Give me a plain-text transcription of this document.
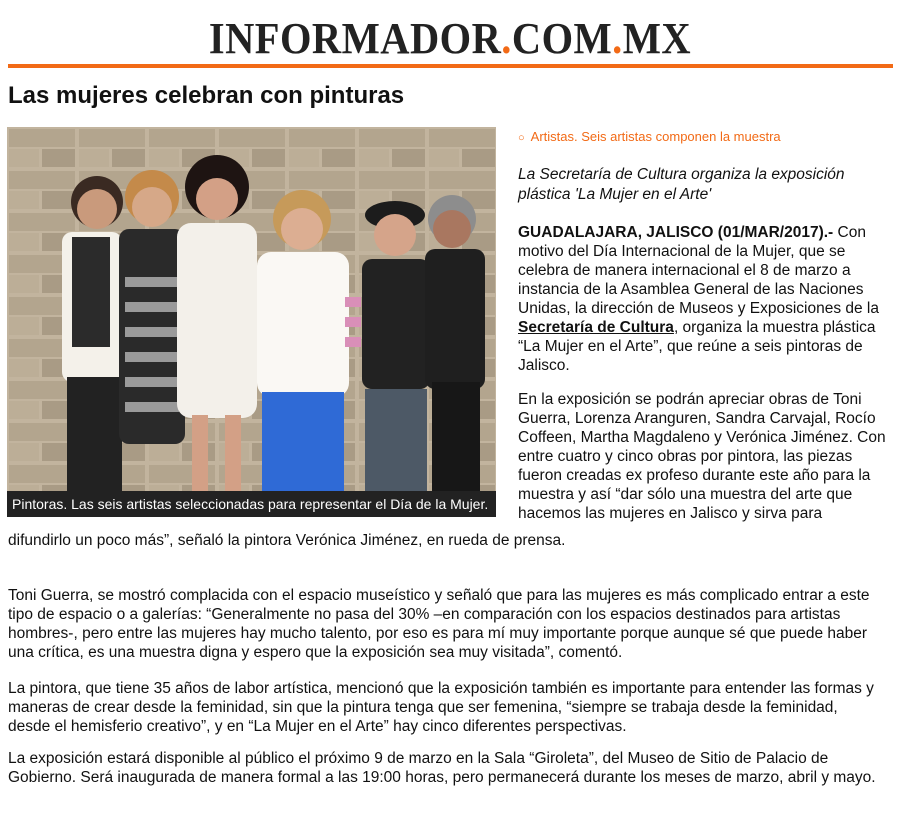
INFORMADOR.COM.MX
Las mujeres celebran con pinturas
Pintoras. Las seis artistas seleccionadas para representar el Día de la Mujer.

○ Artistas. Seis artistas componen la muestra

La Secretaría de Cultura organiza la exposición plástica 'La Mujer en el Arte'

GUADALAJARA, JALISCO (01/MAR/2017).- Con motivo del Día Internacional de la Mujer, que se celebra de manera internacional el 8 de marzo a instancia de la Asamblea General de las Naciones Unidas, la dirección de Museos y Exposiciones de la Secretaría de Cultura, organiza la muestra plástica “La Mujer en el Arte”, que reúne a seis pintoras de Jalisco.

En la exposición se podrán apreciar obras de Toni Guerra, Lorenza Aranguren, Sandra Carvajal, Rocío Coffeen, Martha Magdaleno y Verónica Jiménez. Con entre cuatro y cinco obras por pintora, las piezas fueron creadas ex profeso durante este año para la muestra y así “dar sólo una muestra del arte que hacemos las mujeres en Jalisco y sirva para

difundirlo un poco más”, señaló la pintora Verónica Jiménez, en rueda de prensa.

Toni Guerra, se mostró complacida con el espacio museístico y señaló que para las mujeres es más complicado entrar a este tipo de espacio o a galerías: “Generalmente no pasa del 30% –en comparación con los espacios destinados para artistas hombres-, pero entre las mujeres hay mucho talento, por eso es para mí muy importante porque aunque sé que puede haber una crítica, es una muestra digna y espero que la exposición sea muy visitada”, comentó.

La pintora, que tiene 35 años de labor artística, mencionó que la exposición también es importante para entender las formas y maneras de crear desde la feminidad, sin que la pintura tenga que ser femenina, “siempre se trabaja desde la feminidad, desde el hemisferio creativo”, y en “La Mujer en el Arte” hay cinco diferentes perspectivas.

La exposición estará disponible al público el próximo 9 de marzo en la Sala “Giroleta”, del Museo de Sitio de Palacio de Gobierno. Será inaugurada de manera formal a las 19:00 horas, pero permanecerá durante los meses de marzo, abril y mayo.
